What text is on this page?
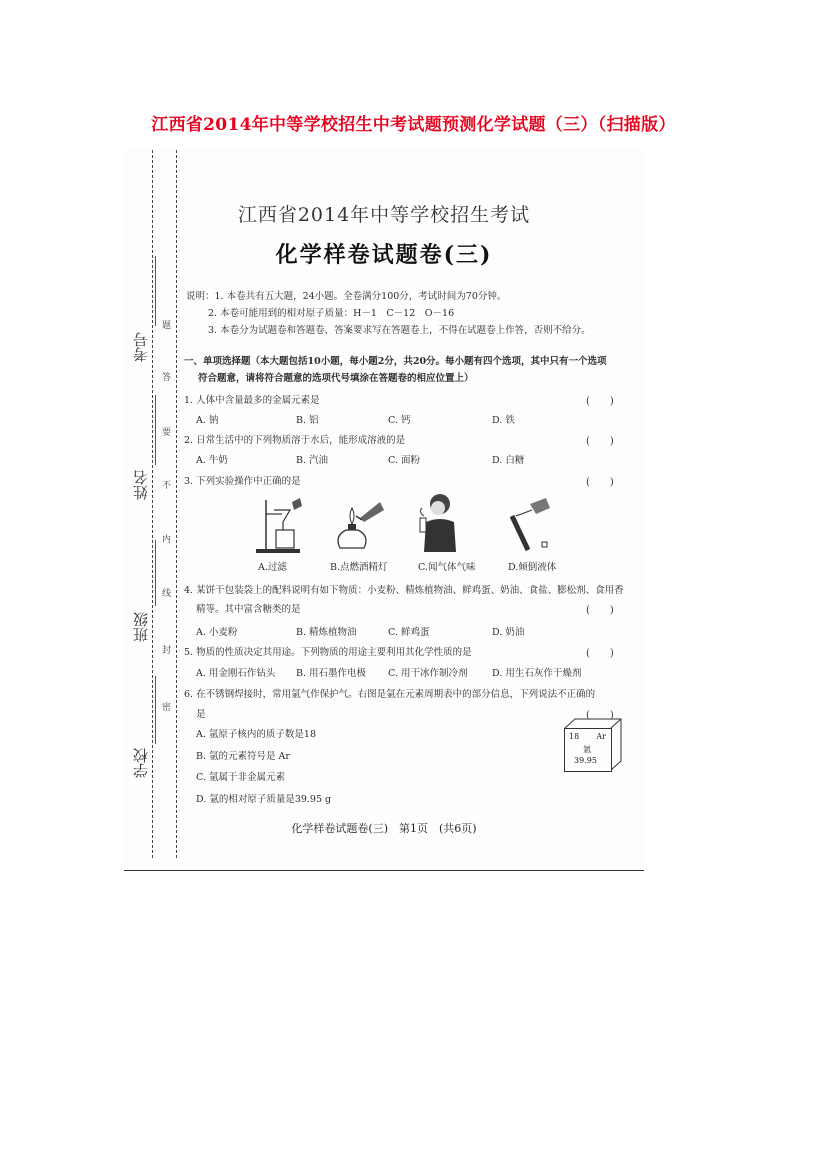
江西省2014年中等学校招生中考试题预测化学试题（三）（扫描版）
江西省2014年中等学校招生考试
化学样卷试题卷(三)
说明：1. 本卷共有五大题，24小题。全卷满分100分，考试时间为70分钟。
2. 本卷可能用到的相对原子质量：H－1　C－12　O－16
3. 本卷分为试题卷和答题卷，答案要求写在答题卷上，不得在试题卷上作答，否则不给分。
一、单项选择题（本大题包括10小题，每小题2分，共20分。每小题有四个选项，其中只有一个选项
符合题意，请将符合题意的选项代号填涂在答题卷的相应位置上）
1. 人体中含量最多的金属元素是	(　　)
A. 钠	B. 铝	C. 钙	D. 铁
2. 日常生活中的下列物质溶于水后，能形成溶液的是	(　　)
A. 牛奶	B. 汽油	C. 面粉	D. 白糖
3. 下列实验操作中正确的是	(　　)
A.过滤	B.点燃酒精灯	C.闻气体气味	D.倾倒液体
4. 某饼干包装袋上的配料说明有如下物质：小麦粉、精炼植物油、鲜鸡蛋、奶油、食盐、膨松剂、食用香
精等。其中富含糖类的是	(　　)
A. 小麦粉	B. 精炼植物油	C. 鲜鸡蛋	D. 奶油
5. 物质的性质决定其用途。下列物质的用途主要利用其化学性质的是	(　　)
A. 用金刚石作钻头 B. 用石墨作电极 C. 用干冰作制冷剂	D. 用生石灰作干燥剂
6. 在不锈钢焊接时，常用氩气作保护气。右图是氩在元素周期表中的部分信息，下列说法不正确的
是	(　　)
A. 氩原子核内的质子数是18
B. 氩的元素符号是 Ar
C. 氩属于非金属元素
D. 氩的相对原子质量是39.95 g
18 Ar
氩
39.95
化学样卷试题卷(三)　第1页　(共6页)
考号
姓名
班级
学校
题
答
要
不
内
线
封
密
